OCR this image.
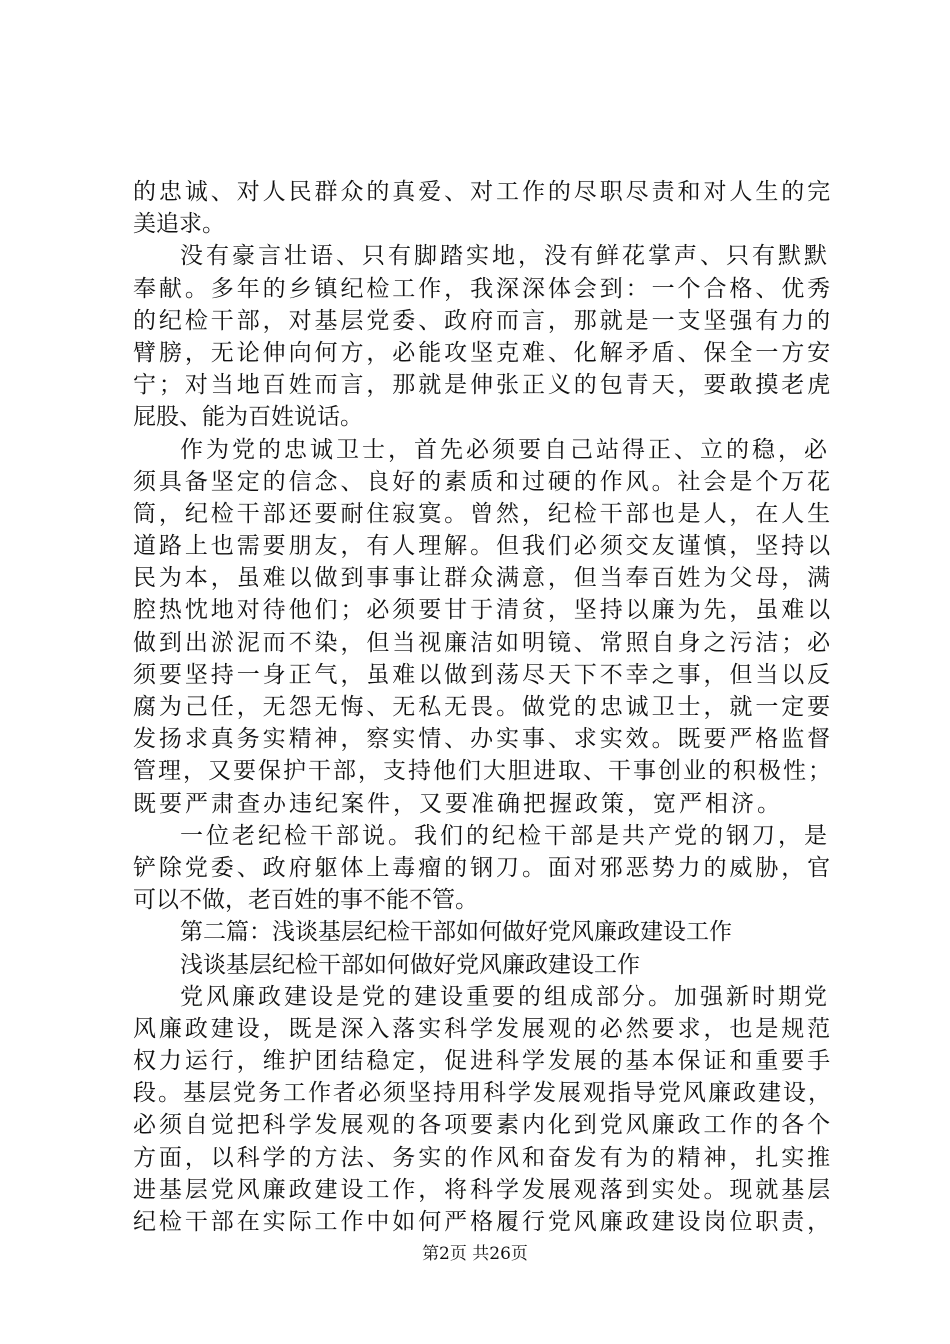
的忠诚、对人民群众的真爱、对工作的尽职尽责和对人生的完
美追求。
没有豪言壮语、只有脚踏实地，没有鲜花掌声、只有默默
奉献。多年的乡镇纪检工作，我深深体会到：一个合格、优秀
的纪检干部，对基层党委、政府而言，那就是一支坚强有力的
臂膀，无论伸向何方，必能攻坚克难、化解矛盾、保全一方安
宁；对当地百姓而言，那就是伸张正义的包青天，要敢摸老虎
屁股、能为百姓说话。
作为党的忠诚卫士，首先必须要自己站得正、立的稳，必
须具备坚定的信念、良好的素质和过硬的作风。社会是个万花
筒，纪检干部还要耐住寂寞。曾然，纪检干部也是人，在人生
道路上也需要朋友，有人理解。但我们必须交友谨慎，坚持以
民为本，虽难以做到事事让群众满意，但当奉百姓为父母，满
腔热忱地对待他们；必须要甘于清贫，坚持以廉为先，虽难以
做到出淤泥而不染，但当视廉洁如明镜、常照自身之污洁；必
须要坚持一身正气，虽难以做到荡尽天下不幸之事，但当以反
腐为己任，无怨无悔、无私无畏。做党的忠诚卫士，就一定要
发扬求真务实精神，察实情、办实事、求实效。既要严格监督
管理，又要保护干部，支持他们大胆进取、干事创业的积极性；
既要严肃查办违纪案件，又要准确把握政策，宽严相济。
一位老纪检干部说。我们的纪检干部是共产党的钢刀，是
铲除党委、政府躯体上毒瘤的钢刀。面对邪恶势力的威胁，官
可以不做，老百姓的事不能不管。
第二篇：浅谈基层纪检干部如何做好党风廉政建设工作
浅谈基层纪检干部如何做好党风廉政建设工作
党风廉政建设是党的建设重要的组成部分。加强新时期党
风廉政建设，既是深入落实科学发展观的必然要求，也是规范
权力运行，维护团结稳定，促进科学发展的基本保证和重要手
段。基层党务工作者必须坚持用科学发展观指导党风廉政建设，
必须自觉把科学发展观的各项要素内化到党风廉政工作的各个
方面，以科学的方法、务实的作风和奋发有为的精神，扎实推
进基层党风廉政建设工作，将科学发展观落到实处。现就基层
纪检干部在实际工作中如何严格履行党风廉政建设岗位职责，
第2页 共26页
